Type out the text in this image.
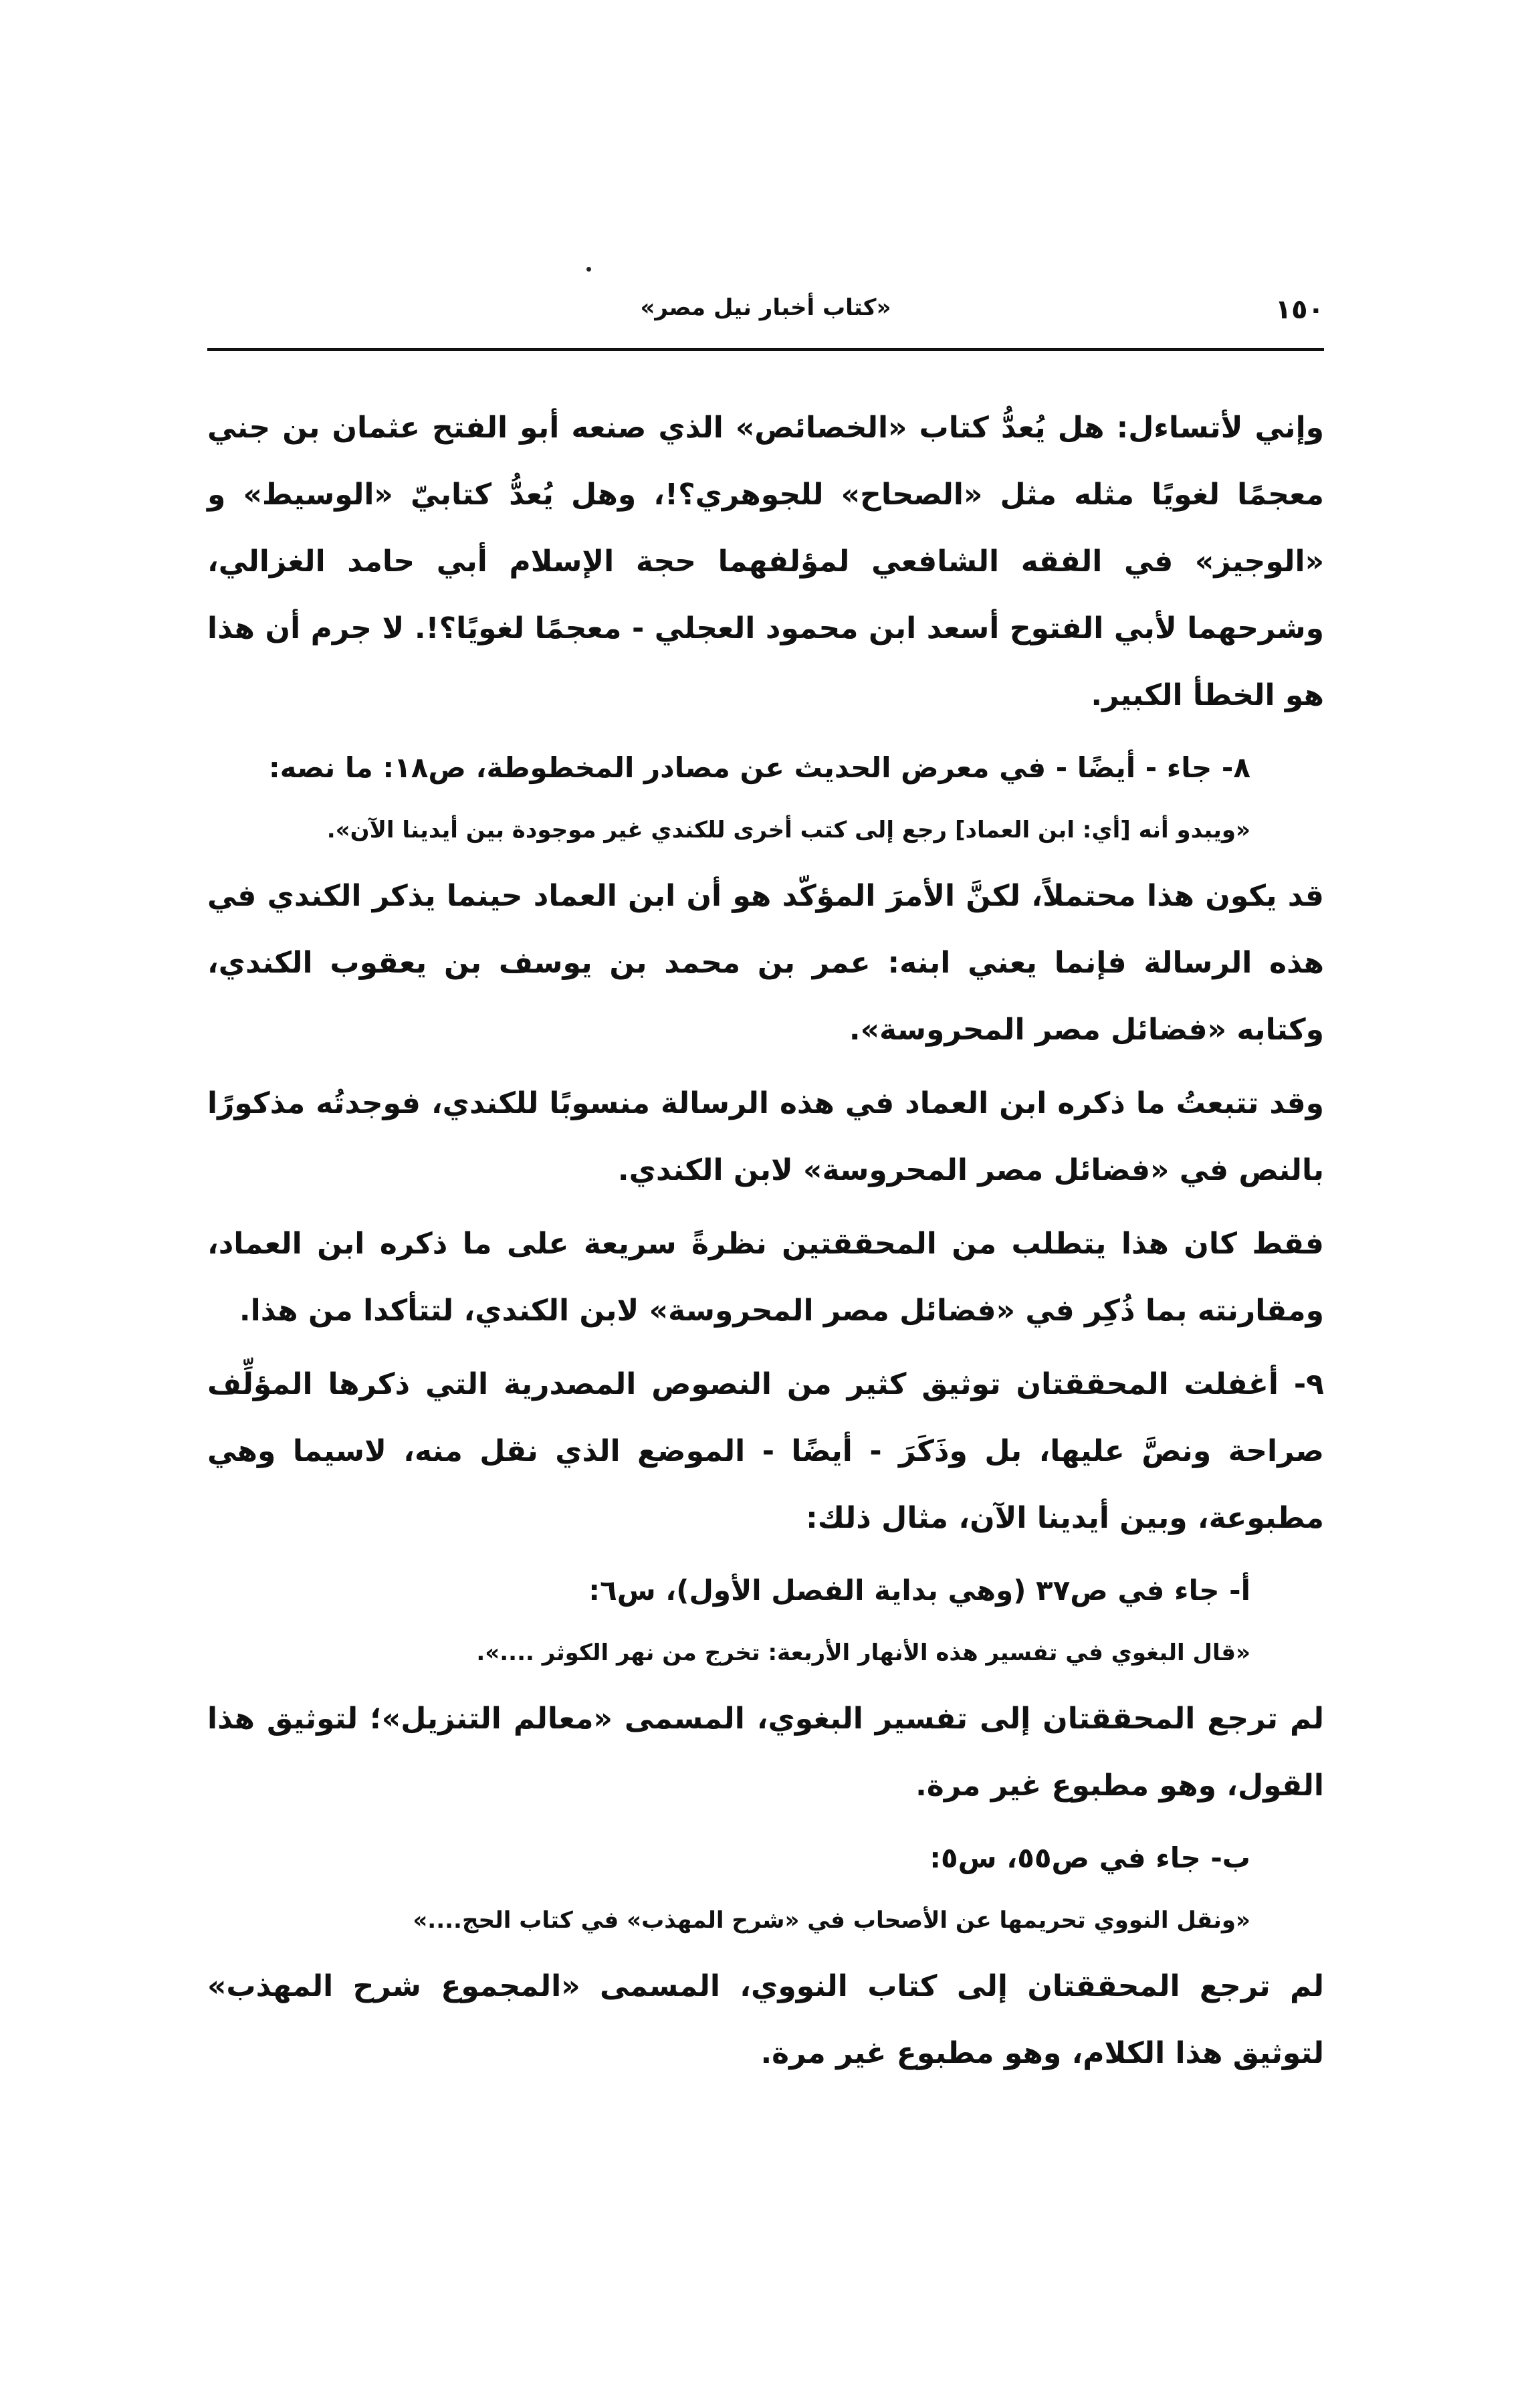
١٥٠
«كتاب أخبار نيل مصر»

وإني لأتساءل: هل يُعدُّ كتاب «الخصائص» الذي صنعه أبو الفتح عثمان بن جني معجمًا لغويًا مثله مثل «الصحاح» للجوهري؟!، وهل يُعدُّ كتابيّ «الوسيط» و «الوجيز» في الفقه الشافعي لمؤلفهما حجة الإسلام أبي حامد الغزالي، وشرحهما لأبي الفتوح أسعد ابن محمود العجلي - معجمًا لغويًا؟!. لا جرم أن هذا هو الخطأ الكبير.

٨- جاء - أيضًا - في معرض الحديث عن مصادر المخطوطة، ص١٨: ما نصه:

«ويبدو أنه [أي: ابن العماد] رجع إلى كتب أخرى للكندي غير موجودة بين أيدينا الآن».

قد يكون هذا محتملاً، لكنَّ الأمرَ المؤكّد هو أن ابن العماد حينما يذكر الكندي في هذه الرسالة فإنما يعني ابنه: عمر بن محمد بن يوسف بن يعقوب الكندي، وكتابه «فضائل مصر المحروسة».

وقد تتبعتُ ما ذكره ابن العماد في هذه الرسالة منسوبًا للكندي، فوجدتُه مذكورًا بالنص في «فضائل مصر المحروسة» لابن الكندي.

فقط كان هذا يتطلب من المحققتين نظرةً سريعة على ما ذكره ابن العماد، ومقارنته بما ذُكِر في «فضائل مصر المحروسة» لابن الكندي، لتتأكدا من هذا.

٩- أغفلت المحققتان توثيق كثير من النصوص المصدرية التي ذكرها المؤلِّف صراحة ونصَّ عليها، بل وذَكَرَ - أيضًا - الموضع الذي نقل منه، لاسيما وهي مطبوعة، وبين أيدينا الآن، مثال ذلك:

أ- جاء في ص٣٧ (وهي بداية الفصل الأول)، س٦:

«قال البغوي في تفسير هذه الأنهار الأربعة: تخرج من نهر الكوثر ....».

لم ترجع المحققتان إلى تفسير البغوي، المسمى «معالم التنزيل»؛ لتوثيق هذا القول، وهو مطبوع غير مرة.

ب- جاء في ص٥٥، س٥:

«ونقل النووي تحريمها عن الأصحاب في «شرح المهذب» في كتاب الحج....»

لم ترجع المحققتان إلى كتاب النووي، المسمى «المجموع شرح المهذب» لتوثيق هذا الكلام، وهو مطبوع غير مرة.
